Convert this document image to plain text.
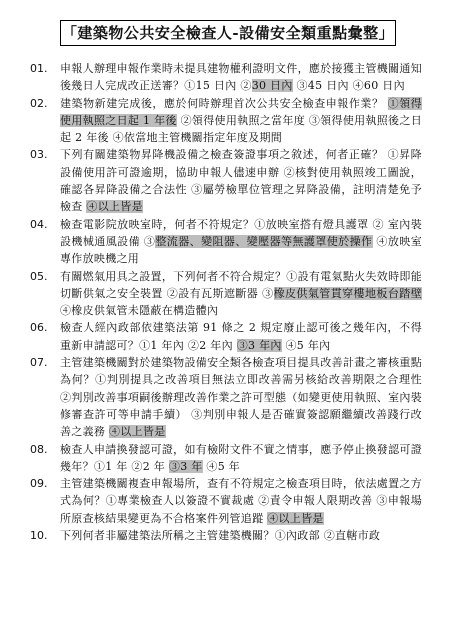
「建築物公共安全檢查人-設備安全類重點彙整」
01.	申報人辦理申報作業時未提具建物權利證明文件，應於接獲主管機關通知後幾日人完成改正送審？①15 日內 ②30 日內 ③45 日內 ④60 日內
02.	建築物新建完成後，應於何時辦理首次公共安全檢查申報作業？ ①領得使用執照之日起 1 年後 ②領得使用執照之當年度 ③領得使用執照後之日起 2 年後 ④依當地主管機關指定年度及期間
03.	下列有關建築物昇降機設備之檢查簽證事項之敘述，何者正確？ ①昇降設備使用許可證逾期，協助申報人儘速申辦 ②核對使用執照竣工圖說，確認各昇降設備之合法性 ③屬勞檢單位管理之昇降設備，註明清楚免予檢查 ④以上皆是
04.	檢查電影院放映室時，何者不符規定？①放映室撘有燈具護罩 ② 室內裝設機械通風設備 ③整流器、變阻器、變壓器等無護罩使於操作 ④放映室專作放映機之用
05.	有關燃氣用具之設置，下列何者不符合規定？①設有電氣點火失效時即能切斷供氣之安全裝置 ②設有瓦斯遮斷器 ③橡皮供氣管貫穿樓地板台踏壁 ④橡皮供氣管未隱蔽在構造體內
06.	檢查人經內政部依建築法第 91 條之 2 規定廢止認可後之幾年內，不得重新申請認可？①1 年內 ②2 年內 ③3 年內 ④5 年內
07.	主管建築機關對於建築物設備安全類各檢查項目提具改善計畫之審核重點為何？①判別提具之改善項目無法立即改善需另核給改善期限之合理性 ②判別改善事項嗣後辦理改善作業之許可型態（如變更使用執照、室內裝修審查許可等申請手續） ③判別申報人是否確實簽認願繼續改善踐行改善之義務 ④以上皆是
08.	檢查人申請換發認可證，如有檢附文件不實之情事，應予停止換發認可證幾年？①1 年 ②2 年 ③3 年 ④5 年
09.	主管建築機關複查申報場所，查有不符規定之檢查項目時，依法處置之方式為何？①專業檢查人以簽證不實裁處 ②責令申報人限期改善 ③申報場所原查核結果變更為不合格案件列管追蹤 ④以上皆是
10.	下列何者非屬建築法所稱之主管建築機關？①內政部 ②直轄市政
